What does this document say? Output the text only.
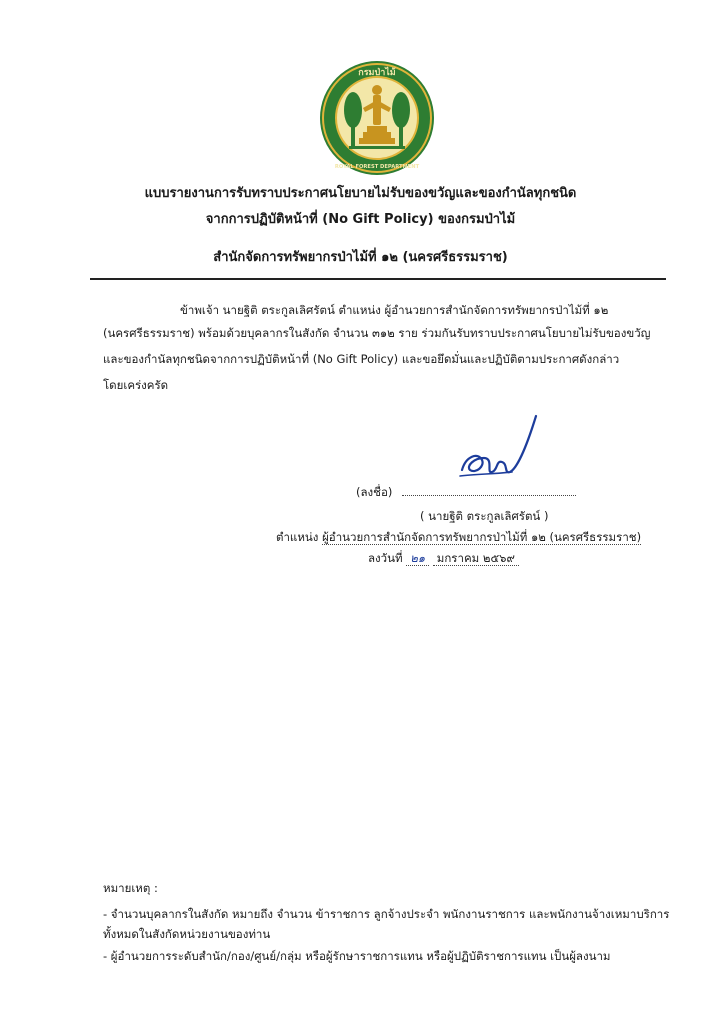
กรมป่าไม้
ROYAL FOREST DEPARTMENT
แบบรายงานการรับทราบประกาศนโยบายไม่รับของขวัญและของกำนัลทุกชนิด
จากการปฏิบัติหน้าที่ (No Gift Policy) ของกรมป่าไม้
สำนักจัดการทรัพยากรป่าไม้ที่ ๑๒ (นครศรีธรรมราช)
ข้าพเจ้า นายฐิติ ตระกูลเลิศรัตน์ ตำแหน่ง ผู้อำนวยการสำนักจัดการทรัพยากรป่าไม้ที่ ๑๒
(นครศรีธรรมราช) พร้อมด้วยบุคลากรในสังกัด จำนวน ๓๑๒ ราย ร่วมกันรับทราบประกาศนโยบายไม่รับของขวัญ
และของกำนัลทุกชนิดจากการปฏิบัติหน้าที่ (No Gift Policy) และขอยึดมั่นและปฏิบัติตามประกาศดังกล่าว
โดยเคร่งครัด
(ลงชื่อ)
( นายฐิติ ตระกูลเลิศรัตน์ )
ตำแหน่ง ผู้อำนวยการสำนักจัดการทรัพยากรป่าไม้ที่ ๑๒ (นครศรีธรรมราช)
ลงวันที่ ๒๑ มกราคม ๒๕๖๙
หมายเหตุ :
- จำนวนบุคลากรในสังกัด หมายถึง จำนวน ข้าราชการ ลูกจ้างประจำ พนักงานราชการ และพนักงานจ้างเหมาบริการ
ทั้งหมดในสังกัดหน่วยงานของท่าน
- ผู้อำนวยการระดับสำนัก/กอง/ศูนย์/กลุ่ม หรือผู้รักษาราชการแทน หรือผู้ปฏิบัติราชการแทน เป็นผู้ลงนาม
